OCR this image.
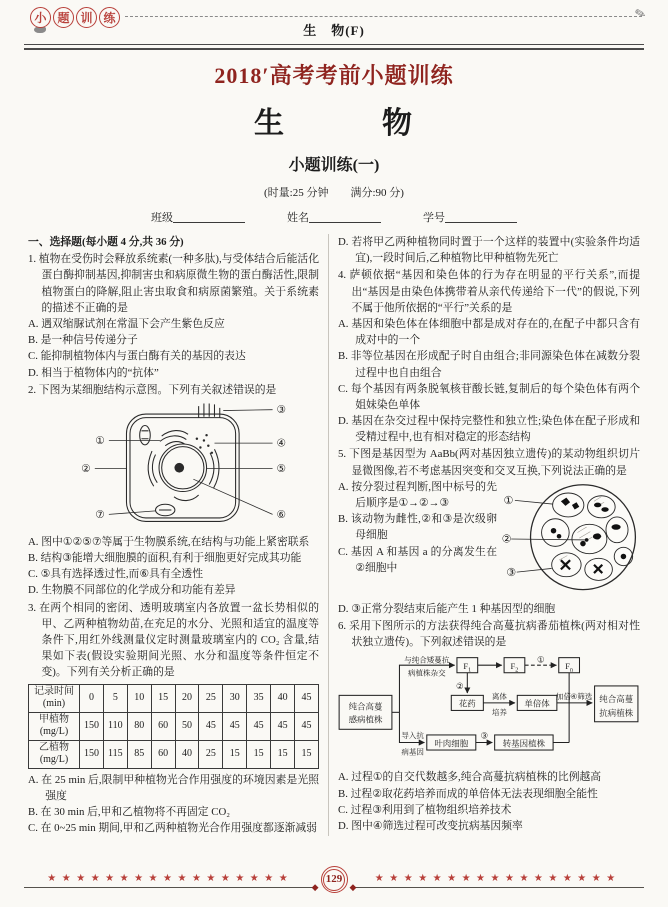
小 题 训 练
生　物(F)
✎
2018′高考考前小题训练
生　　　物
小题训练(一)
(时量:25 分钟　　满分:90 分)
班级	姓名	学号
一、选择题(每小题 4 分,共 36 分)
1. 植物在受伤时会释放系统素(一种多肽),与受体结合后能活化蛋白酶抑制基因,抑制害虫和病原微生物的蛋白酶活性,限制植物蛋白的降解,阻止害虫取食和病原菌繁殖。关于系统素的描述不正确的是
A. 遇双缩脲试剂在常温下会产生紫色反应
B. 是一种信号传递分子
C. 能抑制植物体内与蛋白酶有关的基因的表达
D. 相当于植物体内的“抗体”
2. 下图为某细胞结构示意图。下列有关叙述错误的是
①
②
③
④
⑤
⑥
⑦
A. 图中①②⑤⑦等属于生物膜系统,在结构与功能上紧密联系
B. 结构③能增大细胞膜的面积,有利于细胞更好完成其功能
C. ⑤具有选择透过性,而⑥具有全透性
D. 生物膜不同部位的化学成分和功能有差异
3. 在两个相同的密闭、透明玻璃室内各放置一盆长势相似的甲、乙两种植物幼苗,在充足的水分、光照和适宜的温度等条件下,用红外线测量仪定时测量玻璃室内的 CO₂ 含量,结果如下表(假设实验期间光照、水分和温度等条件恒定不变)。下列有关分析正确的是
记录时间(min)	0	5	10	15	20	25	30	35	40	45
甲植物(mg/L)	150	110	80	60	50	45	45	45	45	45
乙植物(mg/L)	150	115	85	60	40	25	15	15	15	15
A. 在 25 min 后,限制甲种植物光合作用强度的环境因素是光照强度
B. 在 30 min 后,甲和乙植物将不再固定 CO₂
C. 在 0~25 min 期间,甲和乙两种植物光合作用强度都逐渐减弱
D. 若将甲乙两种植物同时置于一个这样的装置中(实验条件均适宜),一段时间后,乙种植物比甲种植物先死亡
4. 萨顿依据“基因和染色体的行为存在明显的平行关系”,而提出“基因是由染色体携带着从亲代传递给下一代”的假说,下列不属于他所依据的“平行”关系的是
A. 基因和染色体在体细胞中都是成对存在的,在配子中都只含有成对中的一个
B. 非等位基因在形成配子时自由组合;非同源染色体在减数分裂过程中也自由组合
C. 每个基因有两条脱氧核苷酸长链,复制后的每个染色体有两个姐妹染色单体
D. 基因在杂交过程中保持完整性和独立性;染色体在配子形成和受精过程中,也有相对稳定的形态结构
5. 下图是基因型为 AaBb(两对基因独立遗传)的某动物组织切片显微图像,若不考虑基因突变和交叉互换,下列说法正确的是
①
②
③
A. 按分裂过程判断,图中标号的先后顺序是①→②→③
B. 该动物为雌性,②和③是次级卵母细胞
C. 基因 A 和基因 a 的分离发生在②细胞中
D. ③正常分裂结束后能产生 1 种基因型的细胞
6. 采用下图所示的方法获得纯合高蔓抗病番茄植株(两对相对性状独立遗传)。下列叙述错误的是
纯合高蔓
感病植株
$F_1$	$F_2$	$F_n$
花药	单倍体	纯合高蔓
抗病植株
叶肉细胞	转基因植株
①
②
③
与纯合矮蔓抗
病植株杂交
离体
培养
加倍 ④筛选
导入抗
病基因
A. 过程①的自交代数越多,纯合高蔓抗病植株的比例越高
B. 过程②取花药培养而成的单倍体无法表现细胞全能性
C. 过程③利用到了植物组织培养技术
D. 图中④筛选过程可改变抗病基因频率
★★★★★★★★★★★★★★★★★
◆
129	★★★★★★★★★★★★★★★★★
◆
